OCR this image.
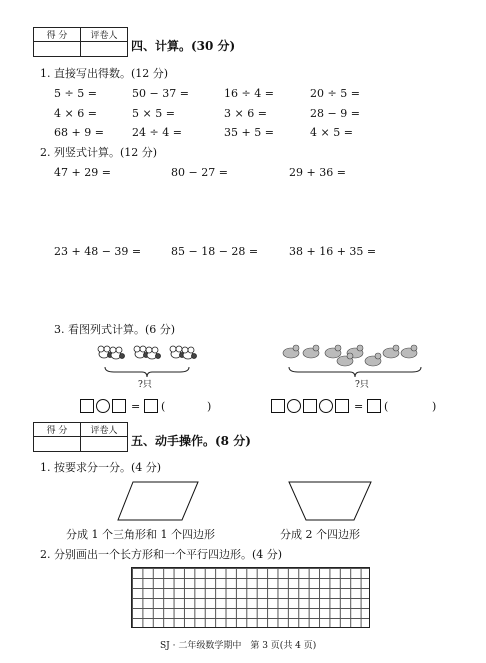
得 分	评卷人

四、计算。(30 分)
1. 直接写出得数。(12 分)
5 ÷ 5 =	50 − 37 =	16 ÷ 4 =	20 ÷ 5 =
4 × 6 =	5 × 5 =	3 × 6 =	28 − 9 =
68 + 9 =	24 ÷ 4 =	35 + 5 =	4 × 5 =
2. 列竖式计算。(12 分)
47 + 29 =	80 − 27 =	29 + 36 =
23 + 48 − 39 =	85 − 18 − 28 =	38 + 16 + 35 =
3. 看图列式计算。(6 分)
?只	?只
= (	)	= (	)
得 分	评卷人

五、动手操作。(8 分)
1. 按要求分一分。(4 分)
分成 1 个三角形和 1 个四边形	分成 2 个四边形
2. 分别画出一个长方形和一个平行四边形。(4 分)
SJ · 二年级数学期中　第 3 页(共 4 页)
